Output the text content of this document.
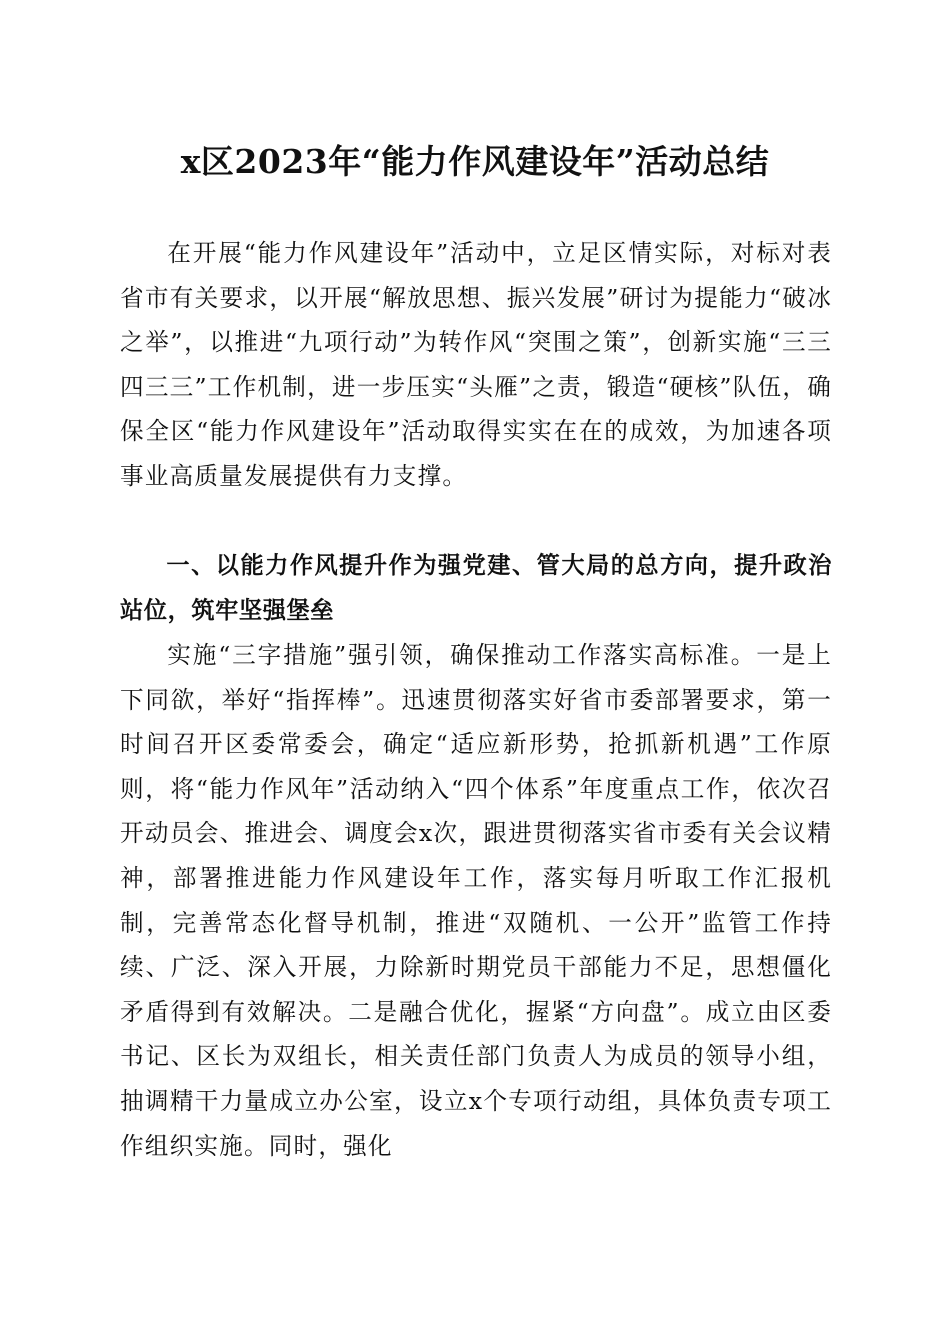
x区2023年“能力作风建设年”活动总结

在开展“能力作风建设年”活动中，立足区情实际，对标对表省市有关要求，以开展“解放思想、振兴发展”研讨为提能力“破冰之举”，以推进“九项行动”为转作风“突围之策”，创新实施“三三四三三”工作机制，进一步压实“头雁”之责，锻造“硬核”队伍，确保全区“能力作风建设年”活动取得实实在在的成效，为加速各项事业高质量发展提供有力支撑。

一、以能力作风提升作为强党建、管大局的总方向，提升政治站位，筑牢坚强堡垒

实施“三字措施”强引领，确保推动工作落实高标准。一是上下同欲，举好“指挥棒”。迅速贯彻落实好省市委部署要求，第一时间召开区委常委会，确定“适应新形势，抢抓新机遇”工作原则，将“能力作风年”活动纳入“四个体系”年度重点工作，依次召开动员会、推进会、调度会x次，跟进贯彻落实省市委有关会议精神，部署推进能力作风建设年工作，落实每月听取工作汇报机制，完善常态化督导机制，推进“双随机、一公开”监管工作持续、广泛、深入开展，力除新时期党员干部能力不足，思想僵化矛盾得到有效解决。二是融合优化，握紧“方向盘”。成立由区委书记、区长为双组长，相关责任部门负责人为成员的领导小组，抽调精干力量成立办公室，设立x个专项行动组，具体负责专项工作组织实施。同时，强化
